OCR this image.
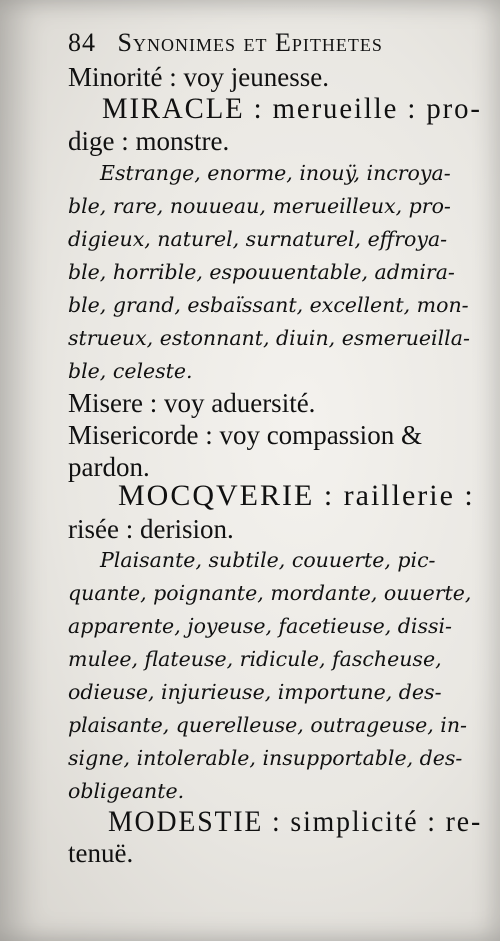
84 Synonimes et Epithetes
Minorité : voy jeunesse.
MIRACLE : merueille : pro-
dige : monstre.
Estrange, enorme, inouÿ, incroya-
ble, rare, nouueau, merueilleux, pro-
digieux, naturel, surnaturel, effroya-
ble, horrible, espouuentable, admira-
ble, grand, esbaïssant, excellent, mon-
strueux, estonnant, diuin, esmerueilla-
ble, celeste.
Misere : voy aduersité.
Misericorde : voy compassion &
pardon.
MOCQVERIE : raillerie :
risée : derision.
Plaisante, subtile, couuerte, pic-
quante, poignante, mordante, ouuerte,
apparente, joyeuse, facetieuse, dissi-
mulee, flateuse, ridicule, fascheuse,
odieuse, injurieuse, importune, des-
plaisante, querelleuse, outrageuse, in-
signe, intolerable, insupportable, des-
obligeante.
MODESTIE : simplicité : re-
tenuë.
